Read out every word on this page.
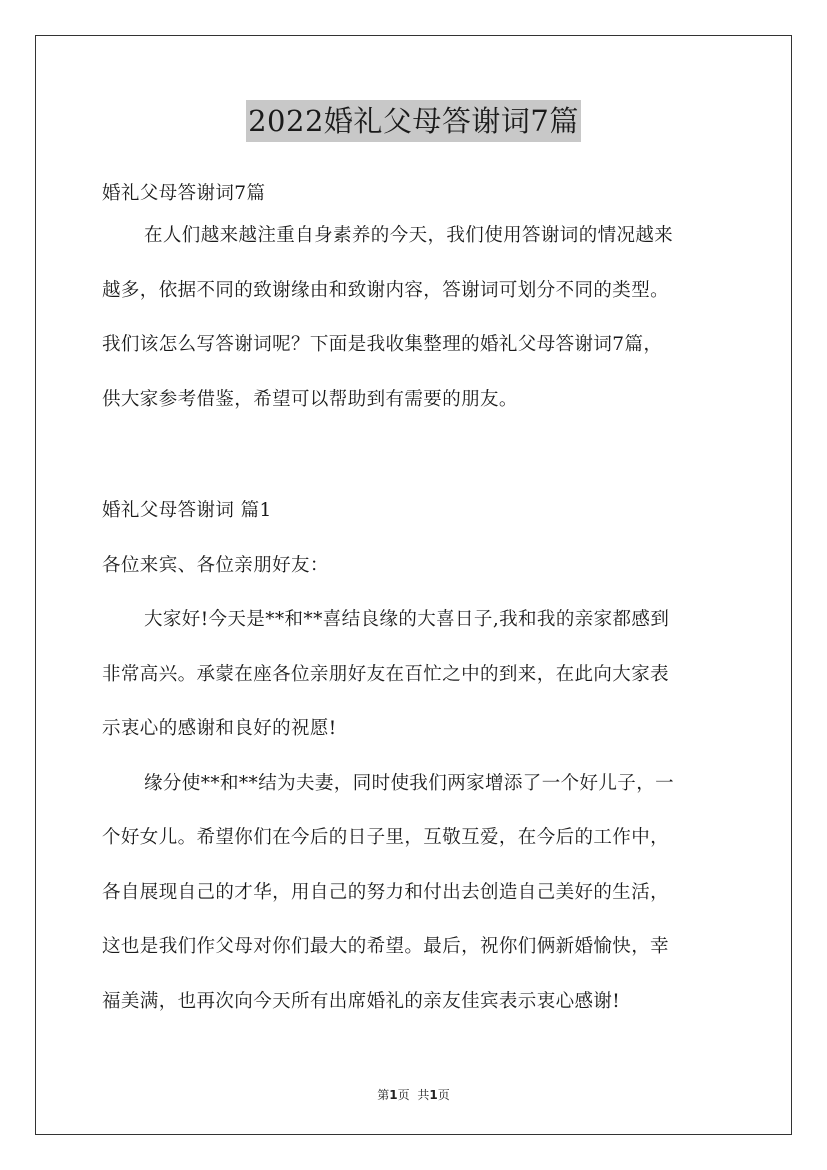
2022婚礼父母答谢词7篇
婚礼父母答谢词7篇
在人们越来越注重自身素养的今天，我们使用答谢词的情况越来
越多，依据不同的致谢缘由和致谢内容，答谢词可划分不同的类型。
我们该怎么写答谢词呢？下面是我收集整理的婚礼父母答谢词7篇，
供大家参考借鉴，希望可以帮助到有需要的朋友。
婚礼父母答谢词 篇1
各位来宾、各位亲朋好友：
大家好!今天是**和**喜结良缘的大喜日子,我和我的亲家都感到
非常高兴。承蒙在座各位亲朋好友在百忙之中的到来，在此向大家表
示衷心的感谢和良好的祝愿!
缘分使**和**结为夫妻，同时使我们两家增添了一个好儿子，一
个好女儿。希望你们在今后的日子里，互敬互爱，在今后的工作中，
各自展现自己的才华，用自己的努力和付出去创造自己美好的生活，
这也是我们作父母对你们最大的希望。最后，祝你们俩新婚愉快，幸
福美满，也再次向今天所有出席婚礼的亲友佳宾表示衷心感谢!
第1页 共1页
